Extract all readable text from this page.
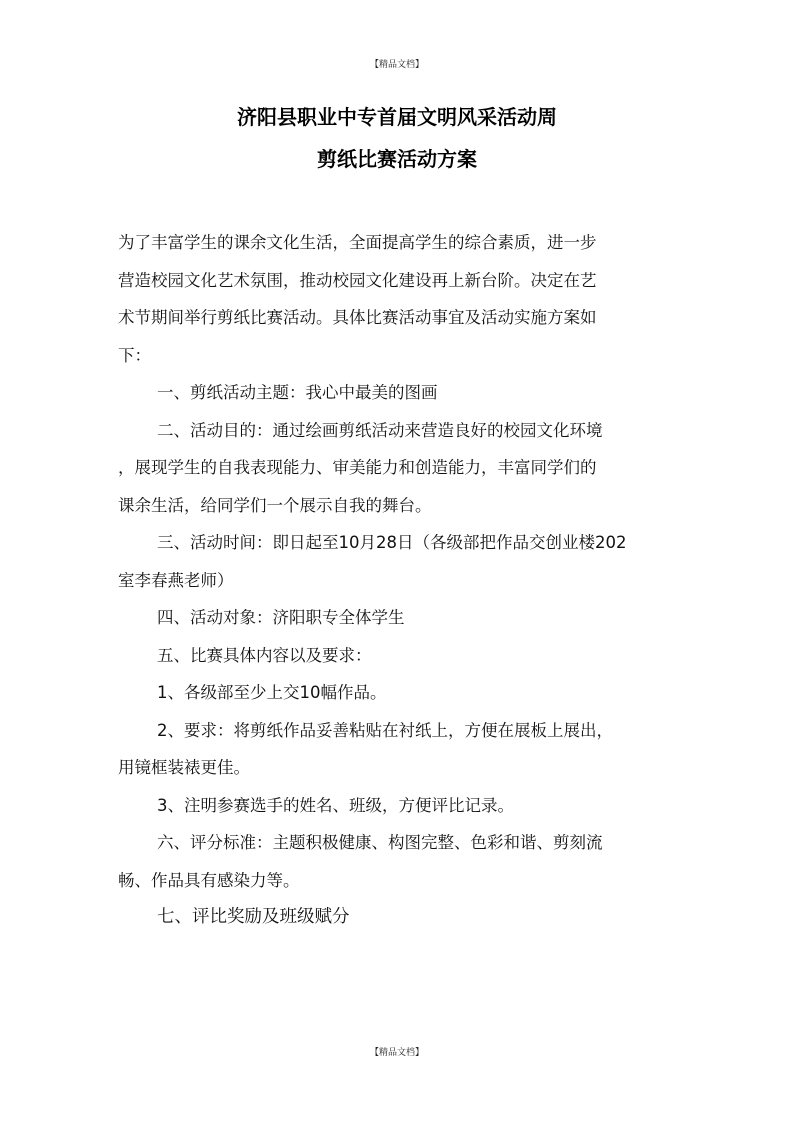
【精品文档】
济阳县职业中专首届文明风采活动周
剪纸比赛活动方案

为了丰富学生的课余文化生活，全面提高学生的综合素质，进一步

营造校园文化艺术氛围，推动校园文化建设再上新台阶。决定在艺

术节期间举行剪纸比赛活动。具体比赛活动事宜及活动实施方案如

下：

一、剪纸活动主题：我心中最美的图画

二、活动目的：通过绘画剪纸活动来营造良好的校园文化环境

，展现学生的自我表现能力、审美能力和创造能力，丰富同学们的

课余生活，给同学们一个展示自我的舞台。

三、活动时间：即日起至10月28日（各级部把作品交创业楼202

室李春燕老师）

四、活动对象：济阳职专全体学生

五、比赛具体内容以及要求：

1、各级部至少上交10幅作品。

2、要求：将剪纸作品妥善粘贴在衬纸上，方便在展板上展出，

用镜框装裱更佳。

3、注明参赛选手的姓名、班级，方便评比记录。

六、评分标准：主题积极健康、构图完整、色彩和谐、剪刻流

畅、作品具有感染力等。

七、评比奖励及班级赋分

【精品文档】
